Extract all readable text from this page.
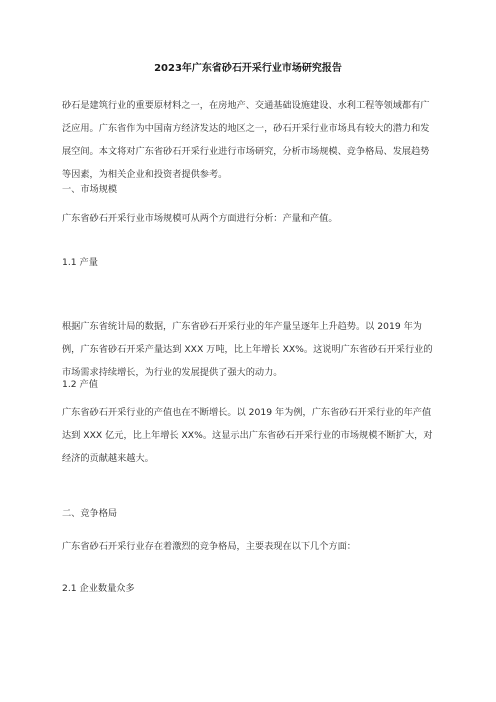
2023年广东省砂石开采行业市场研究报告

砂石是建筑行业的重要原材料之一，在房地产、交通基础设施建设、水利工程等领域都有广泛应用。广东省作为中国南方经济发达的地区之一，砂石开采行业市场具有较大的潜力和发展空间。本文将对广东省砂石开采行业进行市场研究，分析市场规模、竞争格局、发展趋势等因素，为相关企业和投资者提供参考。

一、市场规模

广东省砂石开采行业市场规模可从两个方面进行分析：产量和产值。

1.1 产量

根据广东省统计局的数据，广东省砂石开采行业的年产量呈逐年上升趋势。以 2019 年为例，广东省砂石开采产量达到 XXX 万吨，比上年增长 XX%。这说明广东省砂石开采行业的市场需求持续增长，为行业的发展提供了强大的动力。

1.2 产值

广东省砂石开采行业的产值也在不断增长。以 2019 年为例，广东省砂石开采行业的年产值达到 XXX 亿元，比上年增长 XX%。这显示出广东省砂石开采行业的市场规模不断扩大，对经济的贡献越来越大。

二、竞争格局

广东省砂石开采行业存在着激烈的竞争格局，主要表现在以下几个方面：

2.1 企业数量众多
